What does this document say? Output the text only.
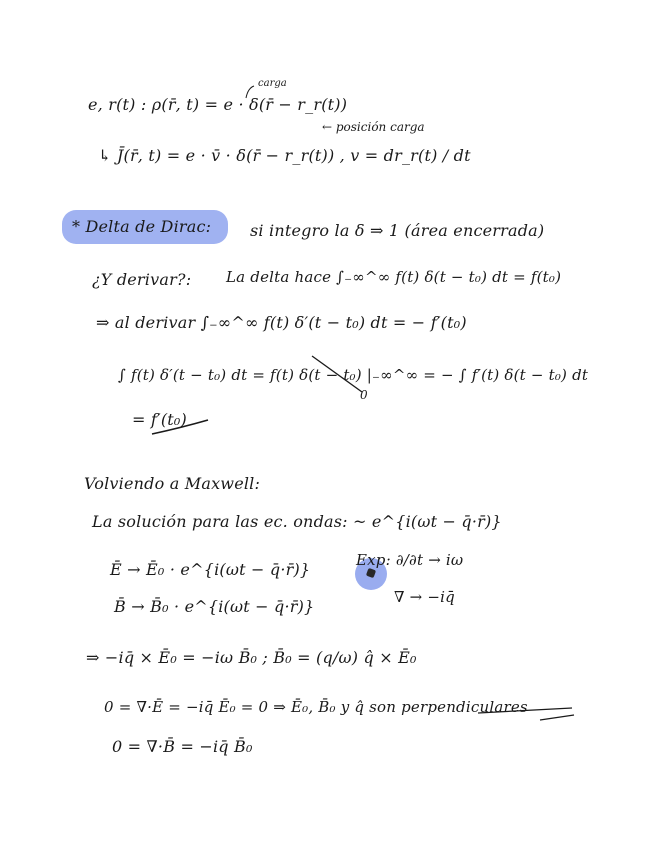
carga
e, r(t) : ρ(r̄, t) = e · δ(r̄ − r_r(t))
← posición carga
↳ J̄(r̄, t) = e · v̄ · δ(r̄ − r_r(t)) , v = dr_r(t) / dt
* Delta de Dirac: si integro la δ ⇒ 1 (área encerrada)
¿Y derivar?: La delta hace ∫₋∞^∞ f(t) δ(t − t₀) dt = f(t₀)
⇒ al derivar ∫₋∞^∞ f(t) δ′(t − t₀) dt = − f′(t₀)
∫ f(t) δ′(t − t₀) dt = f(t) δ(t − t₀) |₋∞^∞ = − ∫ f′(t) δ(t − t₀) dt
0
= f′(t₀)
Volviendo a Maxwell:
La solución para las ec. ondas: ~ e^{i(ωt − q̄·r̄)}
Ē → Ē₀ · e^{i(ωt − q̄·r̄)}
B̄ → B̄₀ · e^{i(ωt − q̄·r̄)}
Exp: ∂/∂t → iω
∇ → −iq̄
⇒ −iq̄ × Ē₀ = −iω B̄₀ ; B̄₀ = (q/ω) q̂ × Ē₀
0 = ∇·Ē = −iq̄ Ē₀ = 0 ⇒ Ē₀, B̄₀ y q̂ son perpendiculares
0 = ∇·B̄ = −iq̄ B̄₀
